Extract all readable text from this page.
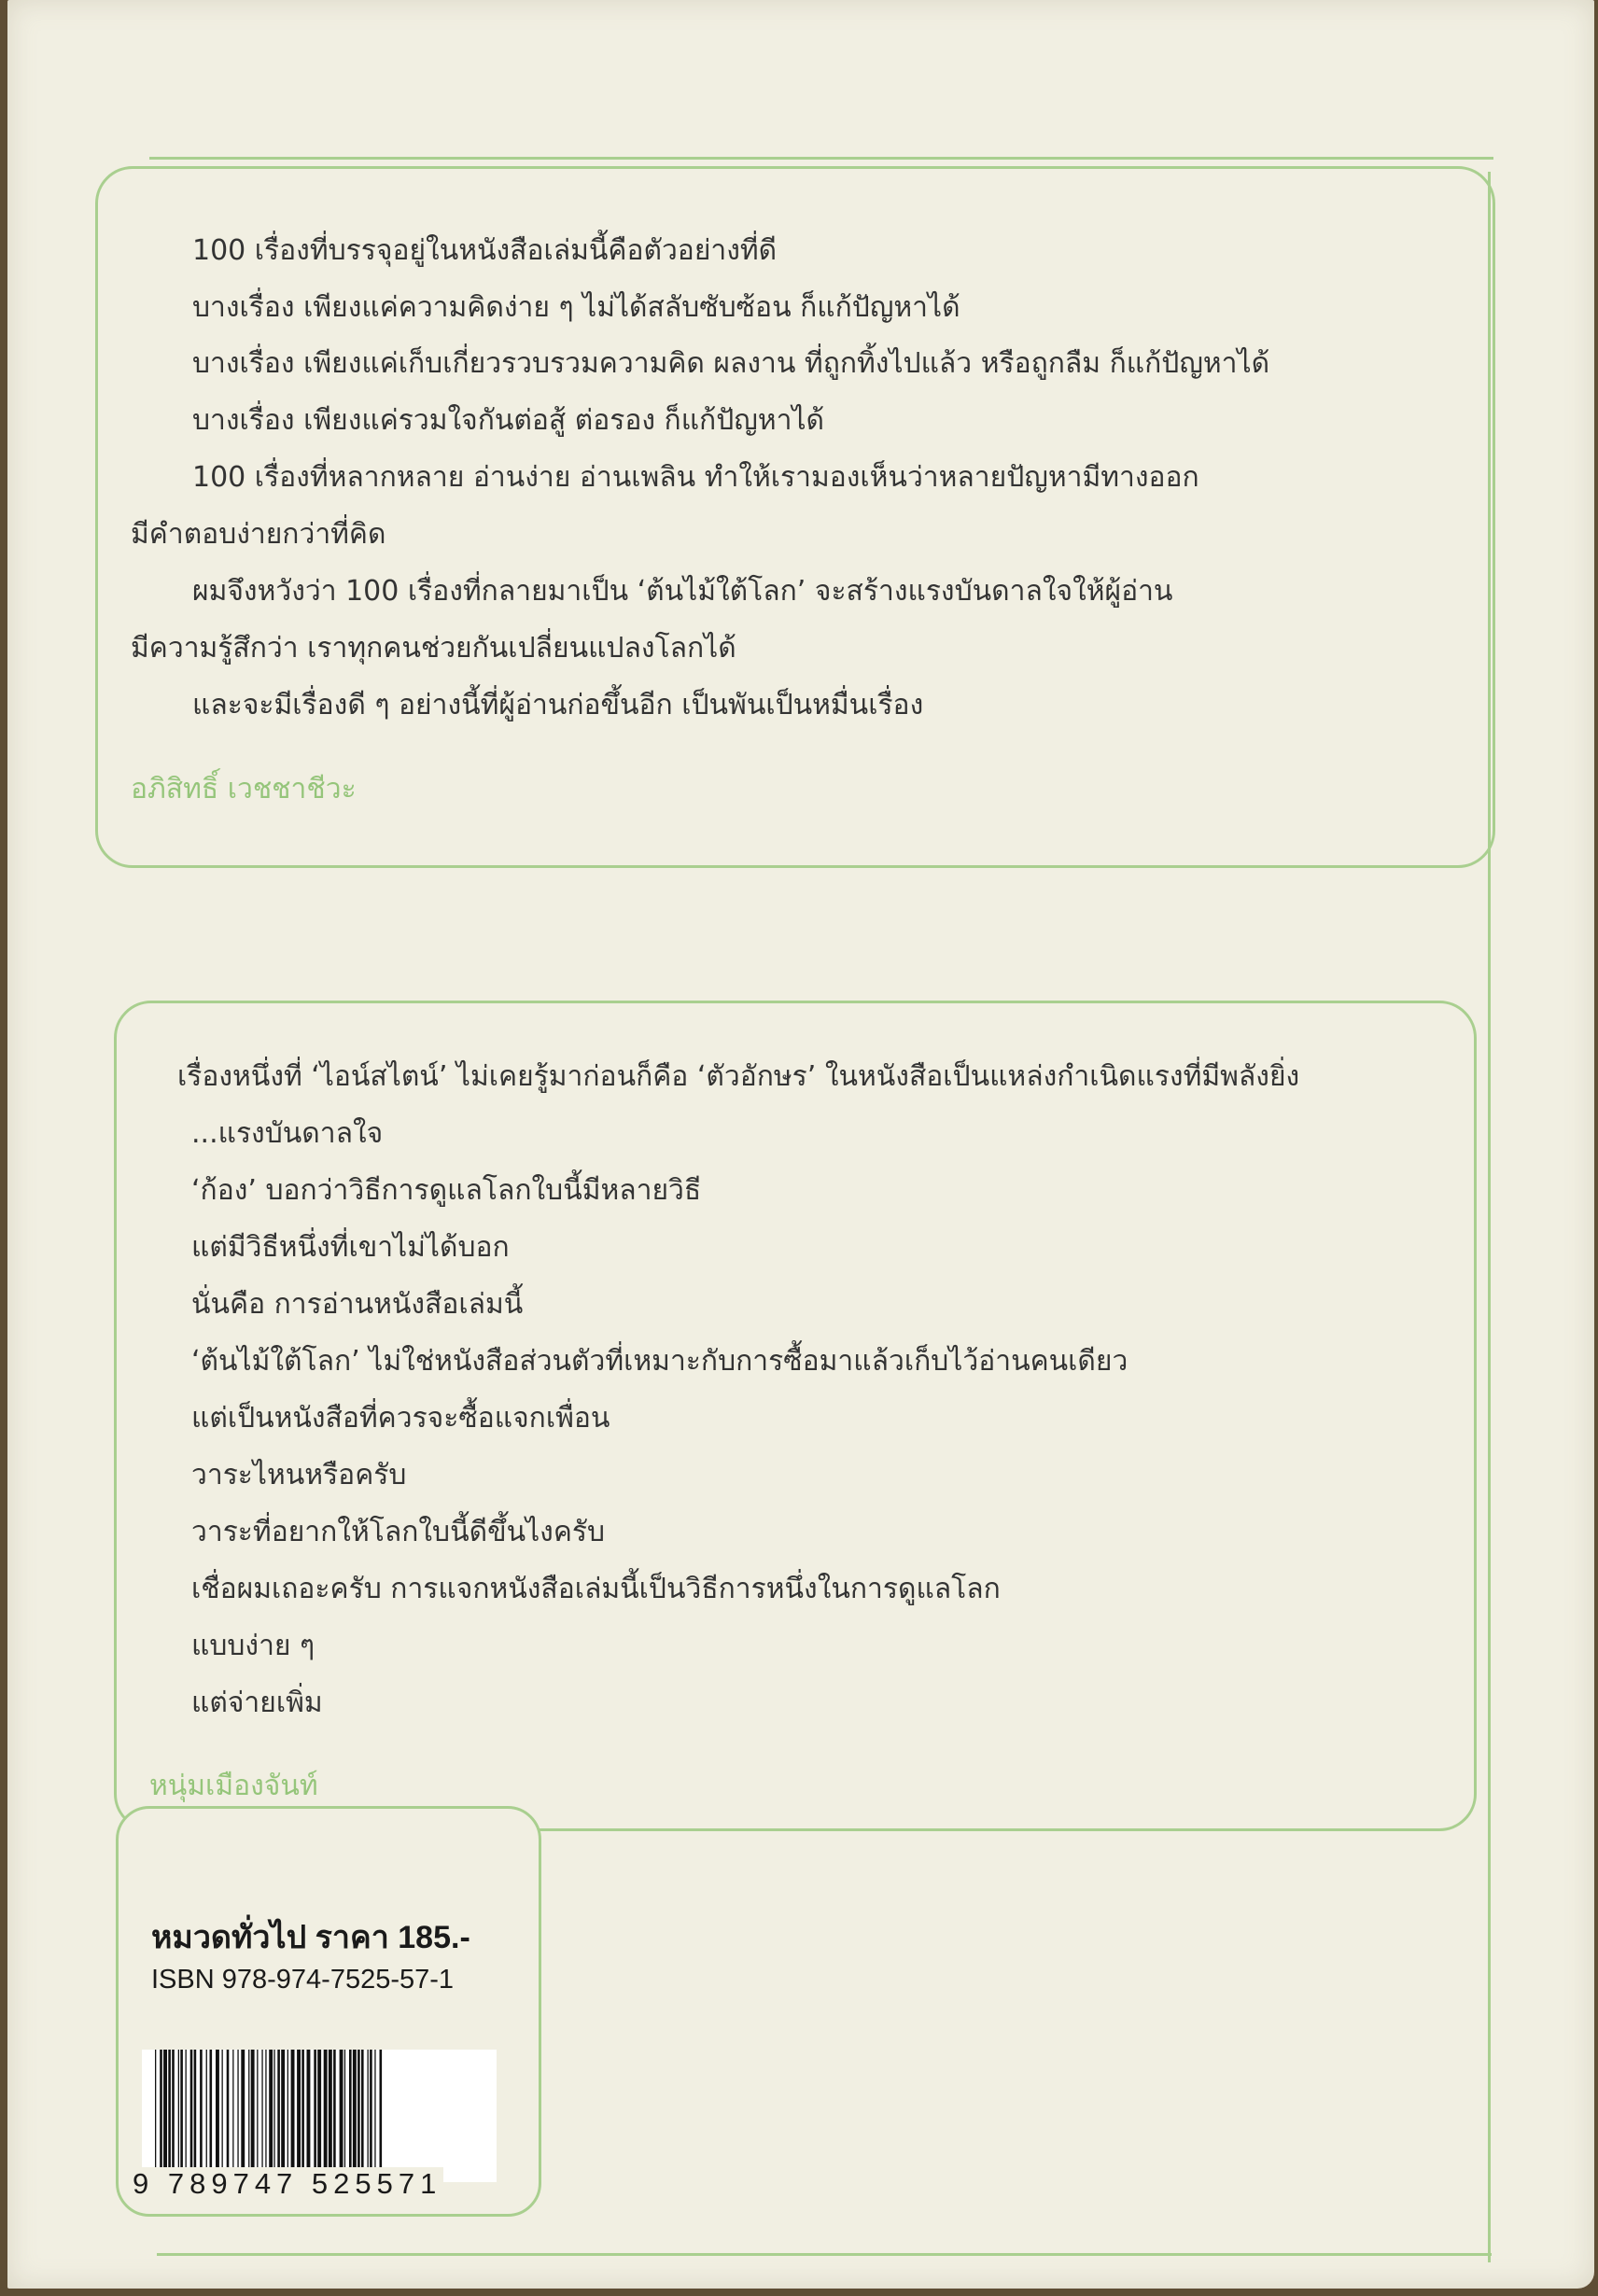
100 เรื่องที่บรรจุอยู่ในหนังสือเล่มนี้คือตัวอย่างที่ดี
บางเรื่อง เพียงแค่ความคิดง่าย ๆ ไม่ได้สลับซับซ้อน ก็แก้ปัญหาได้
บางเรื่อง เพียงแค่เก็บเกี่ยวรวบรวมความคิด ผลงาน ที่ถูกทิ้งไปแล้ว หรือถูกลืม ก็แก้ปัญหาได้
บางเรื่อง เพียงแค่รวมใจกันต่อสู้ ต่อรอง ก็แก้ปัญหาได้
100 เรื่องที่หลากหลาย อ่านง่าย อ่านเพลิน ทำให้เรามองเห็นว่าหลายปัญหามีทางออก
มีคำตอบง่ายกว่าที่คิด
ผมจึงหวังว่า 100 เรื่องที่กลายมาเป็น ‘ต้นไม้ใต้โลก’ จะสร้างแรงบันดาลใจให้ผู้อ่าน
มีความรู้สึกว่า เราทุกคนช่วยกันเปลี่ยนแปลงโลกได้
และจะมีเรื่องดี ๆ อย่างนี้ที่ผู้อ่านก่อขึ้นอีก เป็นพันเป็นหมื่นเรื่อง
อภิสิทธิ์ เวชชาชีวะ
เรื่องหนึ่งที่ ‘ไอน์สไตน์’ ไม่เคยรู้มาก่อนก็คือ ‘ตัวอักษร’ ในหนังสือเป็นแหล่งกำเนิดแรงที่มีพลังยิ่ง
...แรงบันดาลใจ
‘ก้อง’ บอกว่าวิธีการดูแลโลกใบนี้มีหลายวิธี
แต่มีวิธีหนึ่งที่เขาไม่ได้บอก
นั่นคือ การอ่านหนังสือเล่มนี้
‘ต้นไม้ใต้โลก’ ไม่ใช่หนังสือส่วนตัวที่เหมาะกับการซื้อมาแล้วเก็บไว้อ่านคนเดียว
แต่เป็นหนังสือที่ควรจะซื้อแจกเพื่อน
วาระไหนหรือครับ
วาระที่อยากให้โลกใบนี้ดีขึ้นไงครับ
เชื่อผมเถอะครับ การแจกหนังสือเล่มนี้เป็นวิธีการหนึ่งในการดูแลโลก
แบบง่าย ๆ
แต่จ่ายเพิ่ม
หนุ่มเมืองจันท์
หมวดทั่วไป ราคา 185.-
ISBN 978-974-7525-57-1
9 789747 525571
